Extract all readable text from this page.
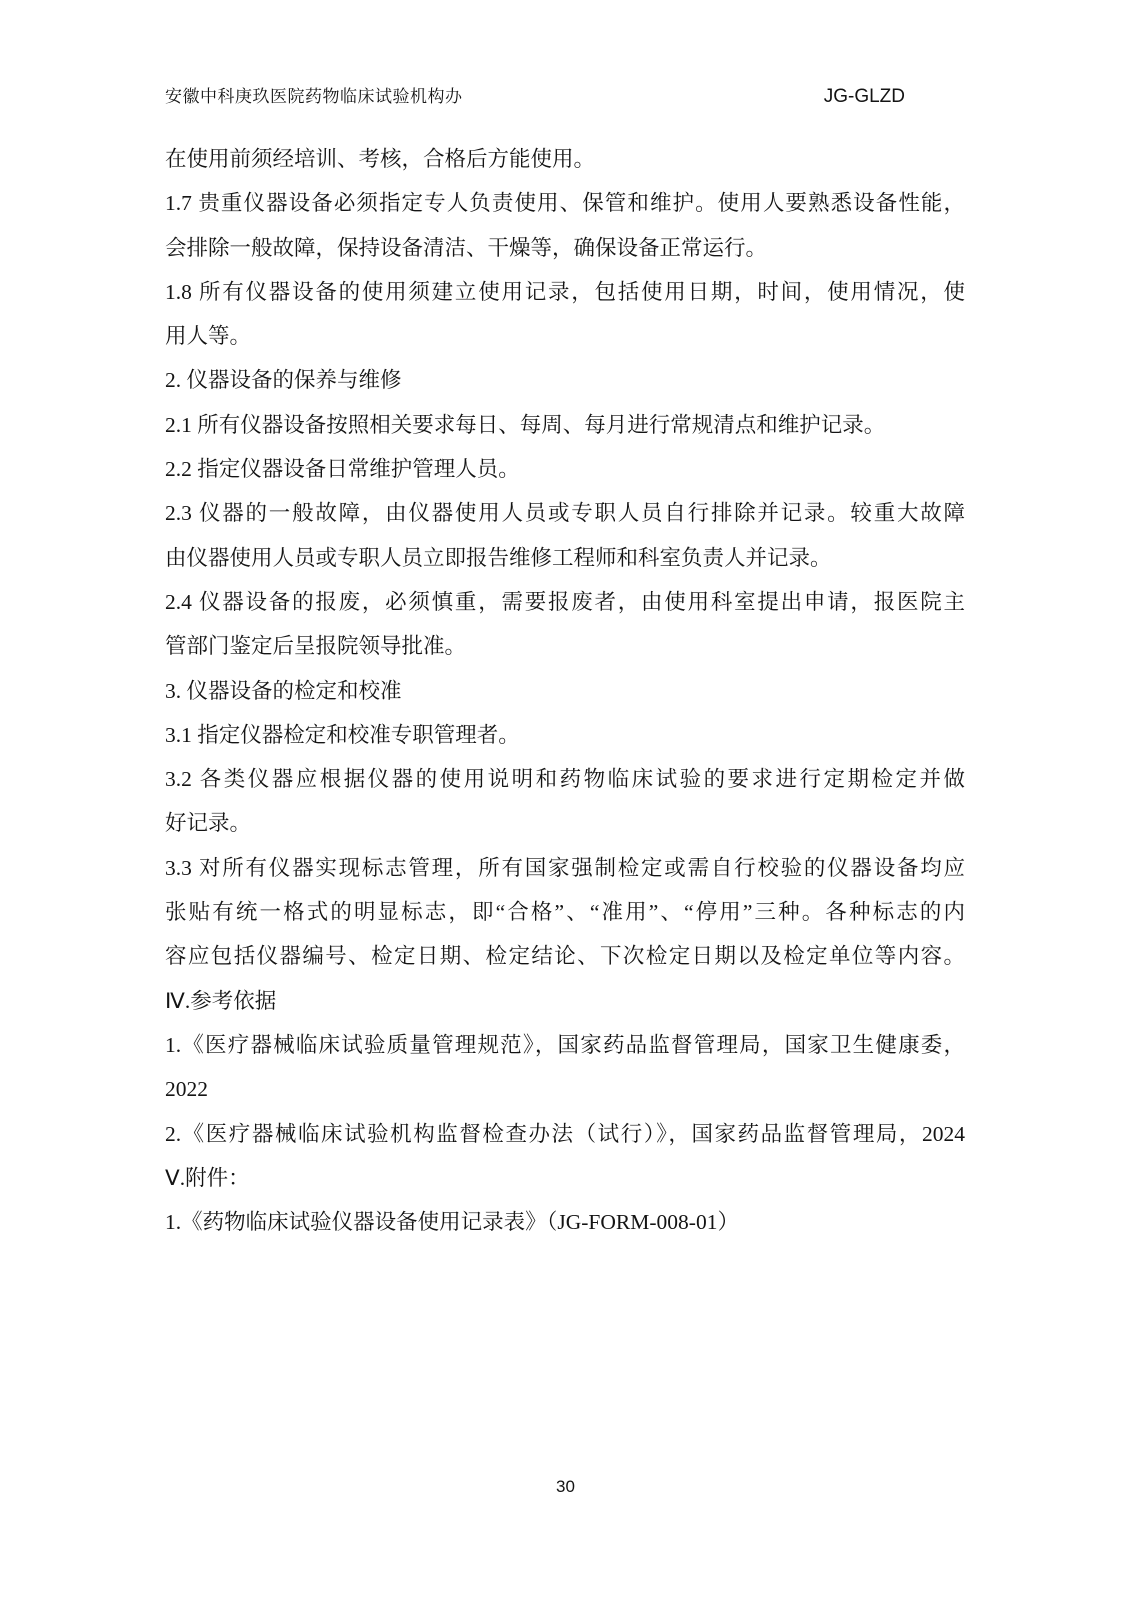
安徽中科庚玖医院药物临床试验机构办	JG-GLZD
在使用前须经培训、考核，合格后方能使用。
1.7 贵重仪器设备必须指定专人负责使用、保管和维护。使用人要熟悉设备性能，
会排除一般故障，保持设备清洁、干燥等，确保设备正常运行。
1.8 所有仪器设备的使用须建立使用记录，包括使用日期，时间，使用情况，使
用人等。
2. 仪器设备的保养与维修
2.1 所有仪器设备按照相关要求每日、每周、每月进行常规清点和维护记录。
2.2 指定仪器设备日常维护管理人员。
2.3 仪器的一般故障，由仪器使用人员或专职人员自行排除并记录。较重大故障
由仪器使用人员或专职人员立即报告维修工程师和科室负责人并记录。
2.4 仪器设备的报废，必须慎重，需要报废者，由使用科室提出申请，报医院主
管部门鉴定后呈报院领导批准。
3. 仪器设备的检定和校准
3.1 指定仪器检定和校准专职管理者。
3.2 各类仪器应根据仪器的使用说明和药物临床试验的要求进行定期检定并做
好记录。
3.3 对所有仪器实现标志管理，所有国家强制检定或需自行校验的仪器设备均应
张贴有统一格式的明显标志，即“合格”、“准用”、“停用”三种。各种标志的内
容应包括仪器编号、检定日期、检定结论、下次检定日期以及检定单位等内容。
Ⅳ.参考依据
1.《医疗器械临床试验质量管理规范》，国家药品监督管理局，国家卫生健康委，
2022
2.《医疗器械临床试验机构监督检查办法（试行）》，国家药品监督管理局，2024
Ⅴ.附件：
1.《药物临床试验仪器设备使用记录表》（JG-FORM-008-01）
30
